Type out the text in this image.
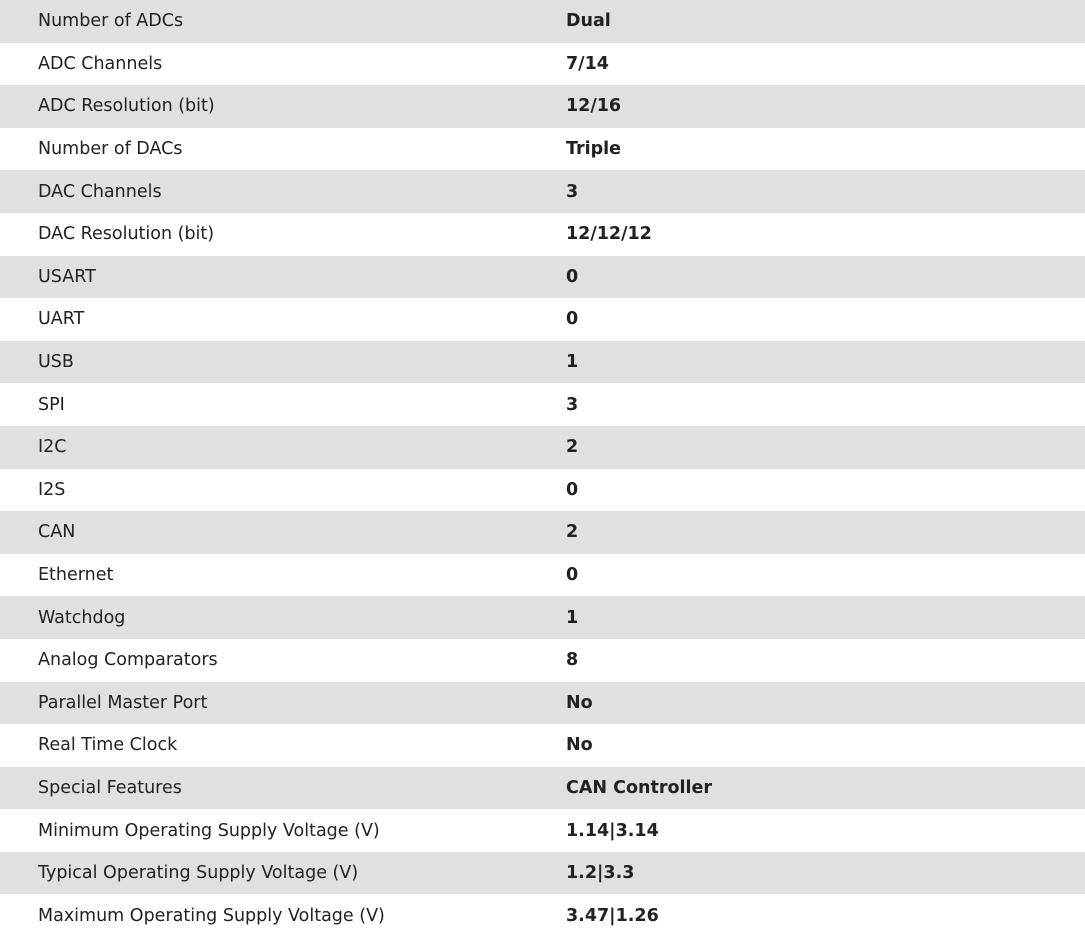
Number of ADCs	Dual
ADC Channels	7/14
ADC Resolution (bit)	12/16
Number of DACs	Triple
DAC Channels	3
DAC Resolution (bit)	12/12/12
USART	0
UART	0
USB	1
SPI	3
I2C	2
I2S	0
CAN	2
Ethernet	0
Watchdog	1
Analog Comparators	8
Parallel Master Port	No
Real Time Clock	No
Special Features	CAN Controller
Minimum Operating Supply Voltage (V)	1.14|3.14
Typical Operating Supply Voltage (V)	1.2|3.3
Maximum Operating Supply Voltage (V)	3.47|1.26
